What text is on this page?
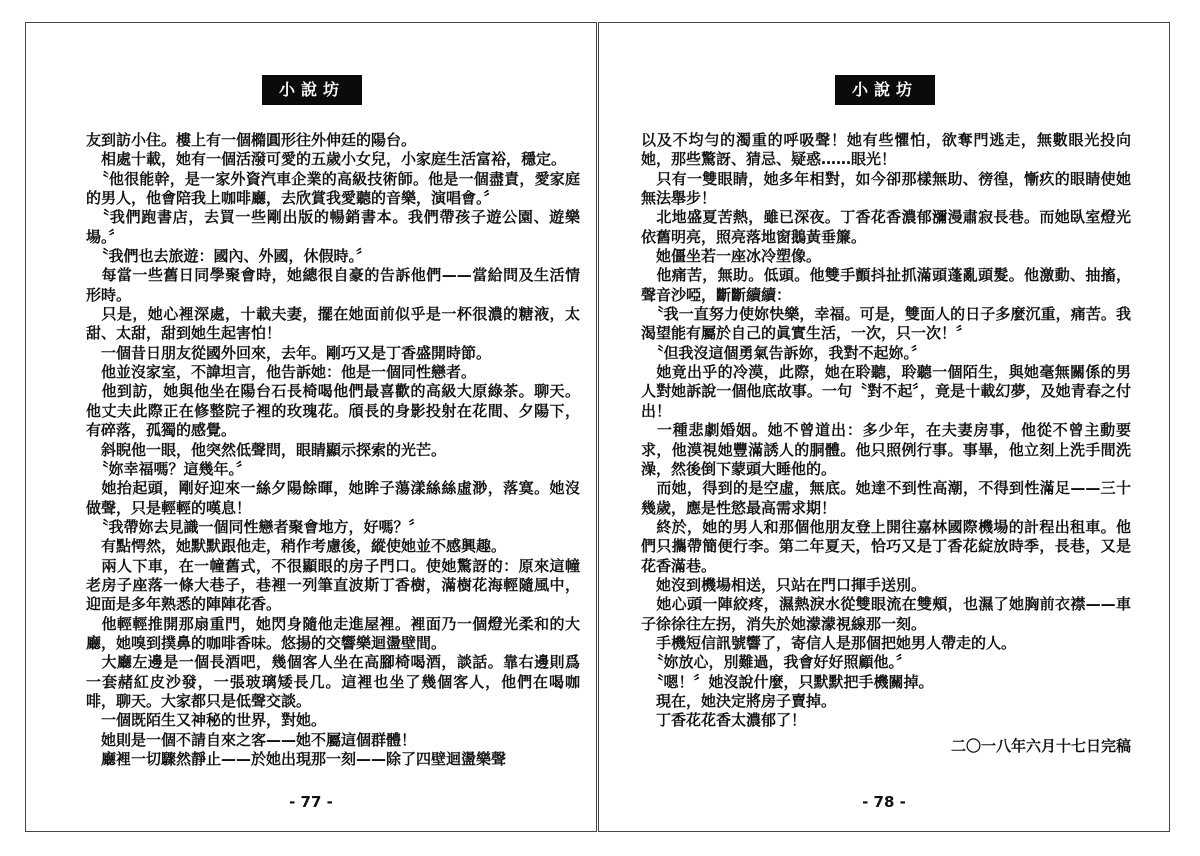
小說坊

友到訪小住。樓上有一個橢圓形往外伸廷的陽台。

　相處十載，她有一個活潑可愛的五歲小女兒，小家庭生活富裕，穩定。

　〝他很能幹，是一家外資汽車企業的高級技術師。他是一個盡責，愛家庭的男人，他會陪我上咖啡廳，去欣賞我愛聽的音樂，演唱會。〞

　〝我們跑書店，去買一些剛出版的暢銷書本。我們帶孩子遊公園、遊樂場。〞

　〝我們也去旅遊：國內、外國，休假時。〞

　每當一些舊日同學聚會時，她總很自豪的告訴他們——當給問及生活情形時。

　只是，她心裡深處，十載夫妻，擺在她面前似乎是一杯很濃的糖液，太甜、太甜，甜到她生起害怕！

　一個昔日朋友從國外回來，去年。剛巧又是丁香盛開時節。

　他並沒家室，不諱坦言，他告訴她：他是一個同性戀者。

　他到訪，她與他坐在陽台石長椅喝他們最喜歡的高級大原綠茶。聊天。他丈夫此際正在修整院子裡的玫瑰花。頎長的身影投射在花間、夕陽下，有碎落，孤獨的感覺。

　斜睨他一眼，他突然低聲問，眼睛顯示探索的光芒。

　〝妳幸福嗎？這幾年。〞

　她抬起頭，剛好迎來一絲夕陽餘暉，她眸子蕩漾絲絲虛渺，落寞。她沒做聲，只是輕輕的嘆息！

　〝我帶妳去見識一個同性戀者聚會地方，好嗎？〞

　有點愕然，她默默跟他走，稍作考慮後，縱使她並不感興趣。

　兩人下車，在一幢舊式，不很顯眼的房子門口。使她驚訝的：原來這幢老房子座落一條大巷子，巷裡一列筆直波斯丁香樹，滿樹花海輕隨風中，迎面是多年熟悉的陣陣花香。

　他輕輕推開那扇重門，她閃身隨他走進屋裡。裡面乃一個燈光柔和的大廳，她嗅到撲鼻的咖啡香味。悠揚的交響樂迴盪壁間。

　大廳左邊是一個長酒吧，幾個客人坐在高腳椅喝酒，談話。靠右邊則爲一套赭紅皮沙發，一張玻璃矮長几。這裡也坐了幾個客人，他們在喝咖啡，聊天。大家都只是低聲交談。

　一個既陌生又神秘的世界，對她。

　她則是一個不請自來之客——她不屬這個群體！

　廳裡一切驟然靜止——於她出現那一刻——除了四壁迴盪樂聲

- 77 -
小說坊

以及不均勻的濁重的呼吸聲！她有些懼怕，欲奪門逃走，無數眼光投向她，那些驚訝、猜忌、疑惑……眼光！

　只有一雙眼睛，她多年相對，如今卻那樣無助、徬徨，慚疚的眼睛使她無法舉步！

　北地盛夏苦熱，雖已深夜。丁香花香濃郁瀰漫肅寂長巷。而她臥室燈光依舊明亮，照亮落地窗鵝黃垂簾。

　她僵坐若一座冰冷塑像。

　他痛苦，無助。低頭。他雙手顫抖扯抓滿頭蓬亂頭髮。他激動、抽搐，聲音沙啞，斷斷續續：

　〝我一直努力使妳快樂，幸福。可是，雙面人的日子多麼沉重，痛苦。我渴望能有屬於自己的眞實生活，一次，只一次！〞

　〝但我沒這個勇氣告訴妳，我對不起妳。〞

　她竟出乎的冷漠，此際，她在聆聽，聆聽一個陌生，與她毫無關係的男人對她訴說一個他底故事。一句〝對不起〞，竟是十載幻夢，及她青春之付出！

　一種悲劇婚姻。她不曾道出：多少年，在夫妻房事，他從不曾主動要求，他漠視她豐滿誘人的胴體。他只照例行事。事畢，他立刻上洗手間洗澡，然後倒下蒙頭大睡他的。

　而她，得到的是空虛，無底。她達不到性高潮，不得到性滿足——三十幾歲，應是性慾最高需求期！

　終於，她的男人和那個他朋友登上開往嘉林國際機場的計程出租車。他們只攜帶簡便行李。第二年夏天，恰巧又是丁香花綻放時季，長巷，又是花香滿巷。

　她沒到機場相送，只站在門口揮手送別。

　她心頭一陣絞疼，濕熱淚水從雙眼流在雙頰，也濕了她胸前衣襟——車子徐徐往左拐，消失於她濛濛視線那一刻。

　手機短信訊號響了，寄信人是那個把她男人帶走的人。

　〝妳放心，別難過，我會好好照顧他。〞

　〝嗯！〞她沒說什麼，只默默把手機關掉。

　現在，她決定將房子賣掉。

　丁香花花香太濃郁了！

二〇一八年六月十七日完稿

- 78 -
